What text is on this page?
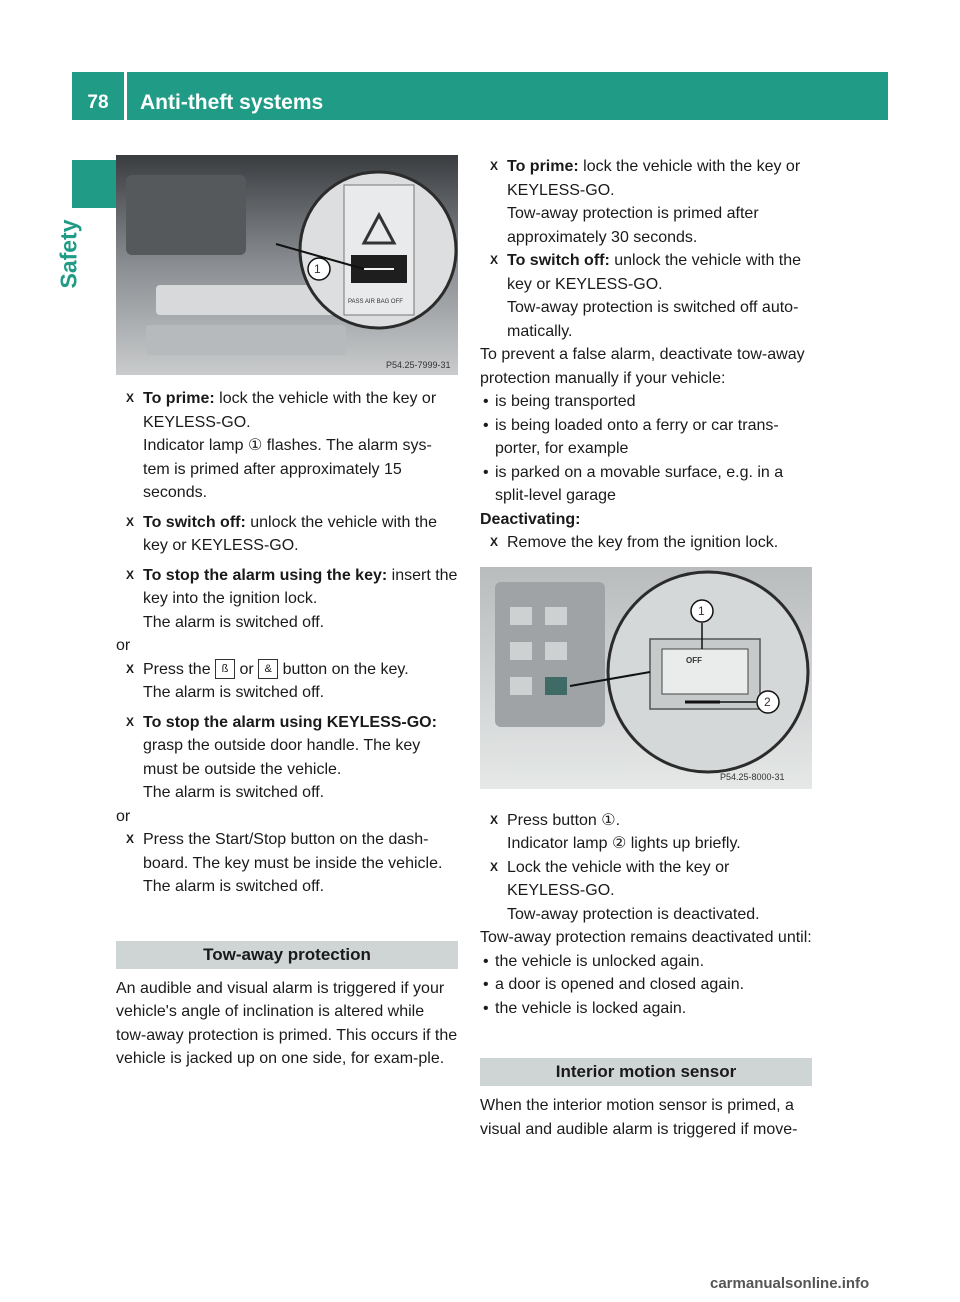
78	Anti-theft systems
Safety	1
PASS AIR BAG OFF
P54.25-7999-31
X To prime: lock the vehicle with the key or KEYLESS-GO.
Indicator lamp ① flashes. The alarm sys-tem is primed after approximately 15 seconds.
X To switch off: unlock the vehicle with the key or KEYLESS-GO.
X To stop the alarm using the key: insert the key into the ignition lock.
The alarm is switched off.
or
X Press the ß or & button on the key.
The alarm is switched off.
X To stop the alarm using KEYLESS-GO:
grasp the outside door handle. The key must be outside the vehicle.
The alarm is switched off.
or
X Press the Start/Stop button on the dash-board. The key must be inside the vehicle.
The alarm is switched off.
Tow-away protection
An audible and visual alarm is triggered if your vehicle's angle of inclination is altered while tow-away protection is primed. This occurs if the vehicle is jacked up on one side, for exam-ple.
X To prime: lock the vehicle with the key or KEYLESS-GO.
Tow-away protection is primed after approximately 30 seconds.
X To switch off: unlock the vehicle with the key or KEYLESS-GO.
Tow-away protection is switched off auto-matically.
To prevent a false alarm, deactivate tow-away protection manually if your vehicle:
• is being transported
• is being loaded onto a ferry or car trans-porter, for example
• is parked on a movable surface, e.g. in a split-level garage
Deactivating:
X Remove the key from the ignition lock.
1
2
OFF
P54.25-8000-31
X Press button ①.
Indicator lamp ② lights up briefly.
X Lock the vehicle with the key or KEYLESS-GO.
Tow-away protection is deactivated.
Tow-away protection remains deactivated until:
• the vehicle is unlocked again.
• a door is opened and closed again.
• the vehicle is locked again.
Interior motion sensor
When the interior motion sensor is primed, a visual and audible alarm is triggered if move-
carmanualsonline.info
